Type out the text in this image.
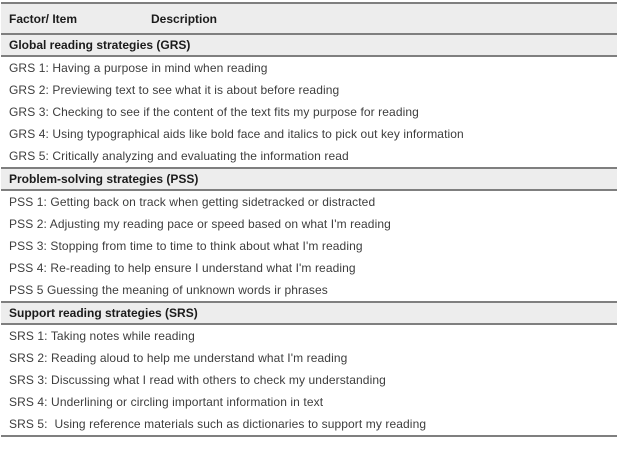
Factor/ Item	Description
Global reading strategies (GRS)
GRS 1: Having a purpose in mind when reading
GRS 2: Previewing text to see what it is about before reading
GRS 3: Checking to see if the content of the text fits my purpose for reading
GRS 4: Using typographical aids like bold face and italics to pick out key information
GRS 5: Critically analyzing and evaluating the information read
Problem-solving strategies (PSS)
PSS 1: Getting back on track when getting sidetracked or distracted
PSS 2: Adjusting my reading pace or speed based on what I'm reading
PSS 3: Stopping from time to time to think about what I'm reading
PSS 4: Re-reading to help ensure I understand what I'm reading
PSS 5 Guessing the meaning of unknown words ir phrases
Support reading strategies (SRS)
SRS 1: Taking notes while reading
SRS 2: Reading aloud to help me understand what I'm reading
SRS 3: Discussing what I read with others to check my understanding
SRS 4: Underlining or circling important information in text
SRS 5:  Using reference materials such as dictionaries to support my reading
